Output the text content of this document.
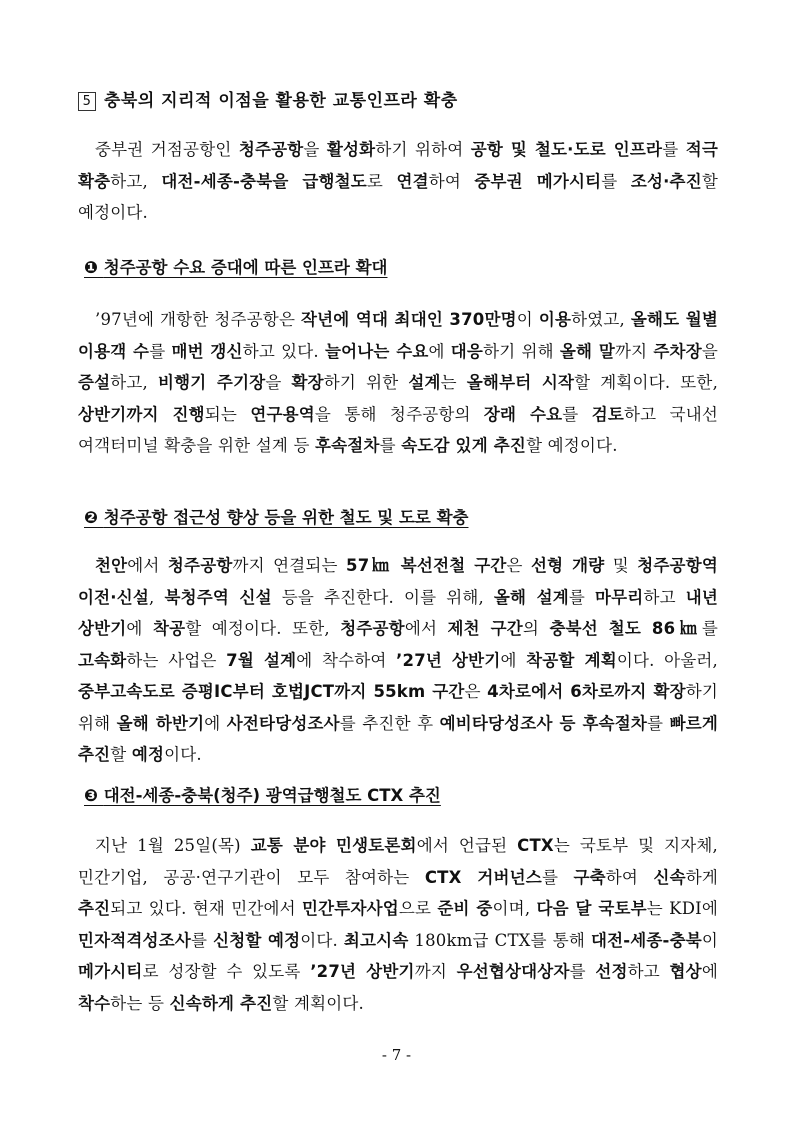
5 충북의 지리적 이점을 활용한 교통인프라 확충
중부권 거점공항인 청주공항을 활성화하기 위하여 공항 및 철도·도로 인프라를 적극 확충하고, 대전-세종-충북을 급행철도로 연결하여 중부권 메가시티를 조성·추진할 예정이다.
❶ 청주공항 수요 증대에 따른 인프라 확대
’97년에 개항한 청주공항은 작년에 역대 최대인 370만명이 이용하였고, 올해도 월별 이용객 수를 매번 갱신하고 있다. 늘어나는 수요에 대응하기 위해 올해 말까지 주차장을 증설하고, 비행기 주기장을 확장하기 위한 설계는 올해부터 시작할 계획이다. 또한, 상반기까지 진행되는 연구용역을 통해 청주공항의 장래 수요를 검토하고 국내선 여객터미널 확충을 위한 설계 등 후속절차를 속도감 있게 추진할 예정이다.
❷ 청주공항 접근성 향상 등을 위한 철도 및 도로 확충
천안에서 청주공항까지 연결되는 57㎞ 복선전철 구간은 선형 개량 및 청주공항역 이전·신설, 북청주역 신설 등을 추진한다. 이를 위해, 올해 설계를 마무리하고 내년 상반기에 착공할 예정이다. 또한, 청주공항에서 제천 구간의 충북선 철도 86㎞를 고속화하는 사업은 7월 설계에 착수하여 ’27년 상반기에 착공할 계획이다. 아울러, 중부고속도로 증평IC부터 호법JCT까지 55km 구간은 4차로에서 6차로까지 확장하기 위해 올해 하반기에 사전타당성조사를 추진한 후 예비타당성조사 등 후속절차를 빠르게 추진할 예정이다.
❸ 대전-세종-충북(청주) 광역급행철도 CTX 추진
지난 1월 25일(목) 교통 분야 민생토론회에서 언급된 CTX는 국토부 및 지자체, 민간기업, 공공·연구기관이 모두 참여하는 CTX 거버넌스를 구축하여 신속하게 추진되고 있다. 현재 민간에서 민간투자사업으로 준비 중이며, 다음 달 국토부는 KDI에 민자적격성조사를 신청할 예정이다. 최고시속 180km급 CTX를 통해 대전-세종-충북이 메가시티로 성장할 수 있도록 ’27년 상반기까지 우선협상대상자를 선정하고 협상에 착수하는 등 신속하게 추진할 계획이다.
- 7 -
